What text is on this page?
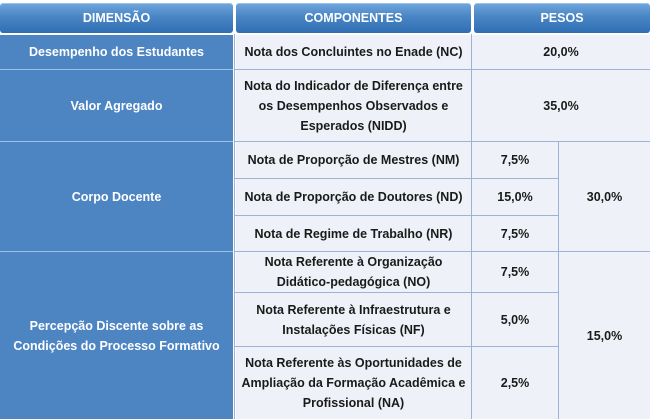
DIMENSÃO	COMPONENTES	PESOS
Desempenho dos Estudantes
Valor Agregado
Corpo Docente
Percepção Discente sobre as
Condições do Processo Formativo
Nota dos Concluintes no Enade (NC)
Nota do Indicador de Diferença entre
os Desempenhos Observados e
Esperados (NIDD)
Nota de Proporção de Mestres (NM)
Nota de Proporção de Doutores (ND)
Nota de Regime de Trabalho (NR)
Nota Referente à Organização
Didático-pedagógica (NO)
Nota Referente à Infraestrutura e
Instalações Físicas (NF)
Nota Referente às Oportunidades de
Ampliação da Formação Acadêmica e
Profissional (NA)
20,0%
35,0%
7,5%
15,0%
7,5%
30,0%
7,5%
5,0%
2,5%
15,0%
